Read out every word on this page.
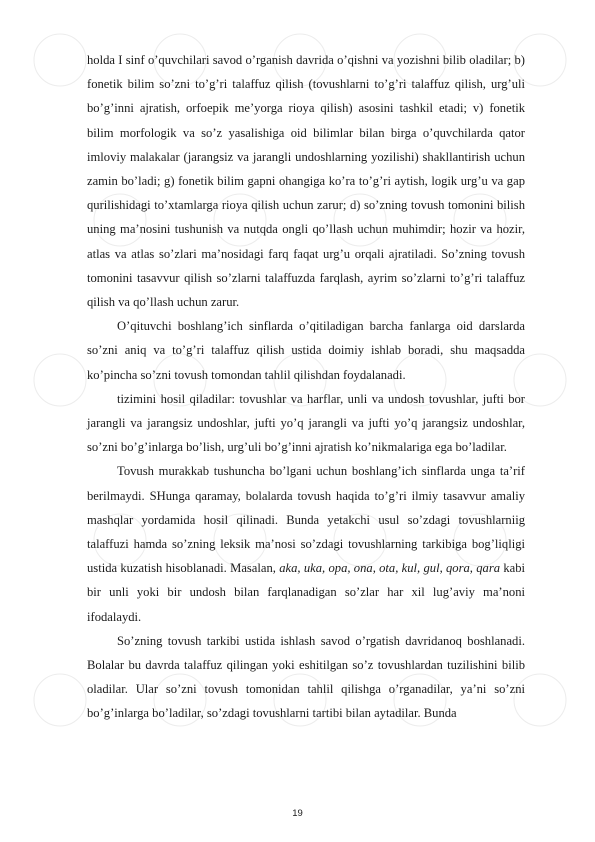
holda I sinf o’quvchilari savod o’rganish davrida o’qishni va yozishni bilib oladilar; b) fonetik bilim so’zni to’g’ri talaffuz qilish (tovushlarni to’g’ri talaffuz qilish, urg’uli bo’g’inni ajratish, orfoepik me’yorga rioya qilish) asosini tashkil etadi; v) fonetik bilim morfologik va so’z yasalishiga oid bilimlar bilan birga o’quvchilarda qator imloviy malakalar (jarangsiz va jarangli undoshlarning yozilishi) shakllantirish uchun zamin bo’ladi; g) fonetik bilim gapni ohangiga ko’ra to’g’ri aytish, logik urg’u va gap qurilishidagi to’xtamlarga rioya qilish uchun zarur; d) so’zning tovush tomonini bilish uning ma’nosini tushunish va nutqda ongli qo’llash uchun muhimdir; hozir va hozir, atlas va atlas so’zlari ma’nosidagi farq faqat urg’u orqali ajratiladi. So’zning tovush tomonini tasavvur qilish so’zlarni talaffuzda farqlash, ayrim so’zlarni to’g’ri talaffuz qilish va qo’llash uchun zarur.

O’qituvchi boshlang’ich sinflarda o’qitiladigan barcha fanlarga oid darslarda so’zni aniq va to’g’ri talaffuz qilish ustida doimiy ishlab boradi, shu maqsadda ko’pincha so’zni tovush tomondan tahlil qilishdan foydalanadi.

tizimini hosil qiladilar: tovushlar va harflar, unli va undosh tovushlar, jufti bor jarangli va jarangsiz undoshlar, jufti yo’q jarangli va jufti yo’q jarangsiz undoshlar, so’zni bo’g’inlarga bo’lish, urg’uli bo’g’inni ajratish ko’nikmalariga ega bo’ladilar.

Tovush murakkab tushuncha bo’lgani uchun boshlang’ich sinflarda unga ta’rif berilmaydi. SHunga qaramay, bolalarda tovush haqida to’g’ri ilmiy tasavvur amaliy mashqlar yordamida hosil qilinadi. Bunda yetakchi usul so’zdagi tovushlarniig talaffuzi hamda so’zning leksik ma’nosi so’zdagi tovushlarning tarkibiga bog’liqligi ustida kuzatish hisoblanadi. Masalan, aka, uka, opa, ona, ota, kul, gul, qora, qara kabi bir unli yoki bir undosh bilan farqlanadigan so’zlar har xil lug’aviy ma’noni ifodalaydi.

So’zning tovush tarkibi ustida ishlash savod o’rgatish davridanoq boshlanadi. Bolalar bu davrda talaffuz qilingan yoki eshitilgan so’z tovushlardan tuzilishini bilib oladilar. Ular so’zni tovush tomonidan tahlil qilishga o’rganadilar, ya’ni so’zni bo’g’inlarga bo’ladilar, so’zdagi tovushlarni tartibi bilan aytadilar. Bunda

19
